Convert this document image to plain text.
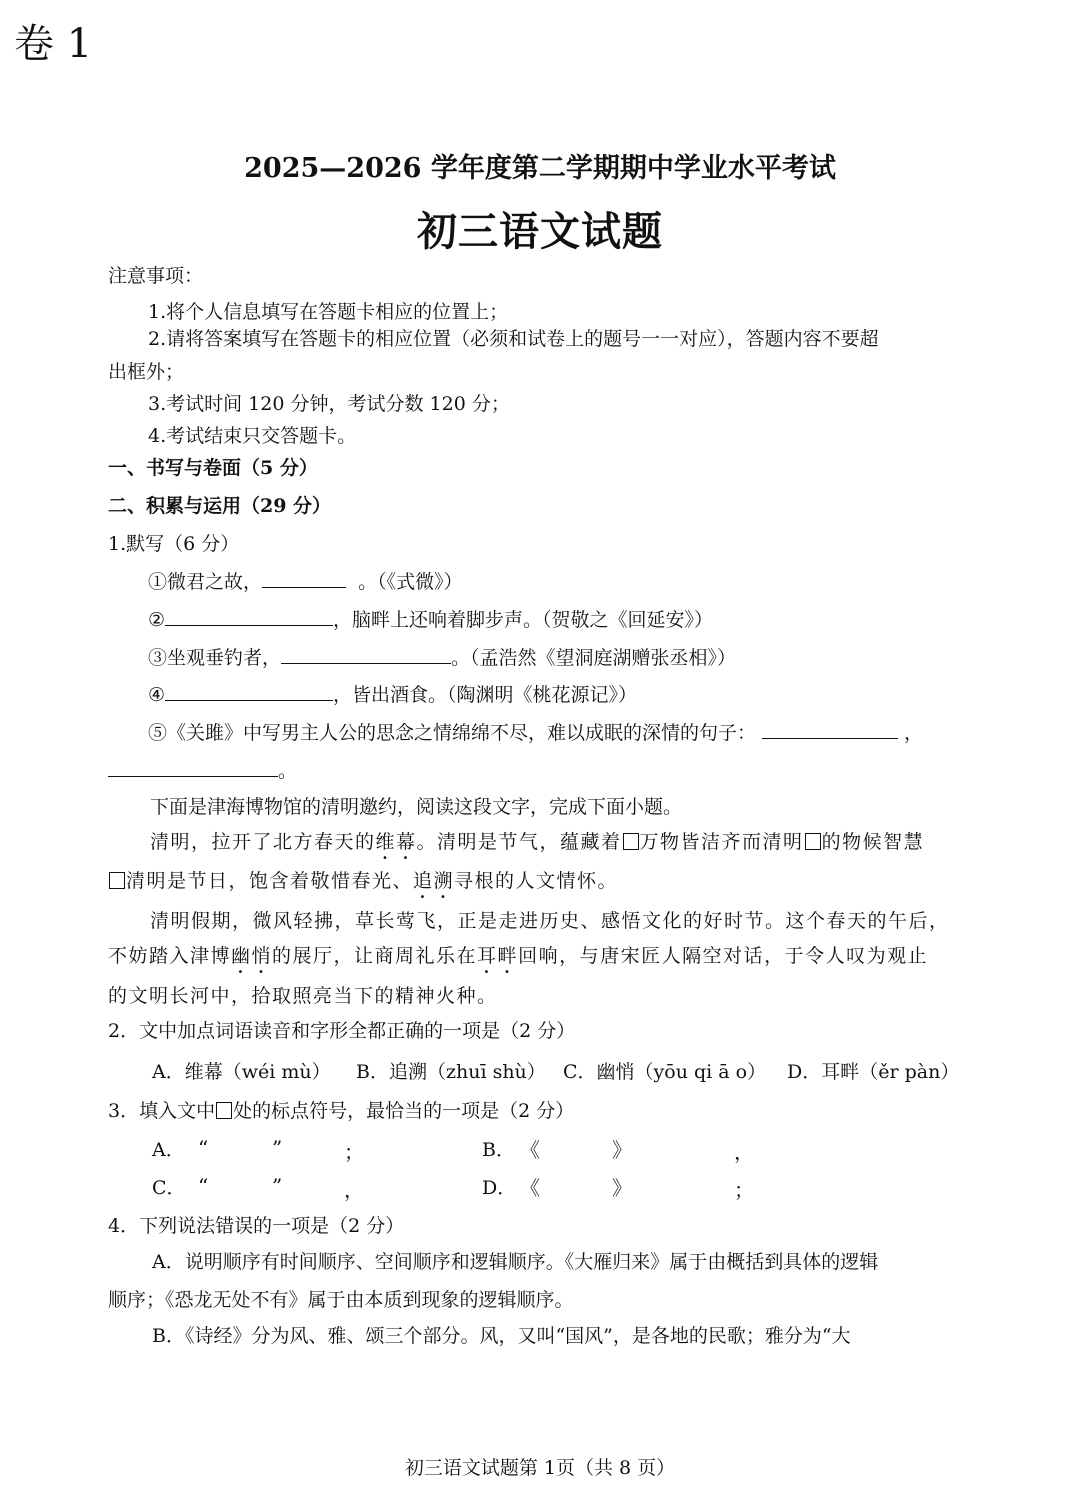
卷 1
2025—2026 学年度第二学期期中学业水平考试
初三语文试题
注意事项：
1.将个人信息填写在答题卡相应的位置上；
2.请将答案填写在答题卡的相应位置（必须和试卷上的题号一一对应），答题内容不要超
出框外；
3.考试时间 120 分钟，考试分数 120 分；
4.考试结束只交答题卡。
一、书写与卷面（5 分）
二、积累与运用（29 分）
1.默写（6 分）
①微君之故，	。（《式微》）
②	，脑畔上还响着脚步声。（贺敬之《回延安》）
③坐观垂钓者，	。（孟浩然《望洞庭湖赠张丞相》）
④	，皆出酒食。（陶渊明《桃花源记》）
⑤《关雎》中写男主人公的思念之情绵绵不尽，难以成眠的深情的句子：	，
。
下面是津海博物馆的清明邀约，阅读这段文字，完成下面小题。
清明，拉开了北方春天的维幕。清明是节气，蕴藏着 万物皆洁齐而清明 的物候智慧
清明是节日，饱含着敬惜春光、追溯寻根的人文情怀。
清明假期，微风轻拂，草长莺飞，正是走进历史、感悟文化的好时节。这个春天的午后，
不妨踏入津博幽悄的展厅，让商周礼乐在耳畔回响，与唐宋匠人隔空对话，于令人叹为观止
的文明长河中，拾取照亮当下的精神火种。
2．文中加点词语读音和字形全都正确的一项是（2 分）
A．维幕（wéi mù） B．追溯（zhuī shù） C．幽悄（yōu qi ā o） D．耳畔（ěr pàn）
3．填入文中 处的标点符号，最恰当的一项是（2 分）
A． “	”	；	B． 《	》	，
C． “	”	，	D． 《	》	；
4．下列说法错误的一项是（2 分）
A．说明顺序有时间顺序、空间顺序和逻辑顺序。《大雁归来》属于由概括到具体的逻辑
顺序；《恐龙无处不有》属于由本质到现象的逻辑顺序。
B．《诗经》分为风、雅、颂三个部分。风，又叫“国风”，是各地的民歌；雅分为“大
初三语文试题第 1页（共 8 页）
